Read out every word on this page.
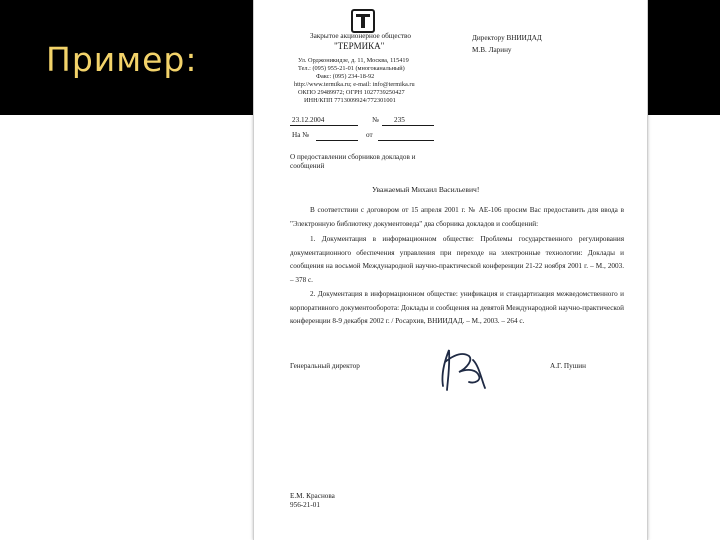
Пример:
Закрытое акционерное общество
"ТЕРМИКА"
Ул. Орджоникидзе, д. 11, Москва, 115419
Тел.: (095) 955-21-01 (многоканальный)
Факс: (095) 234-18-92
http://www.termika.ru; e-mail: info@termika.ru
ОКПО 29489972; ОГРН 1027739250427
ИНН/КПП 7713009924/772301001
Директору ВНИИДАД
М.В. Ларину
23.12.2004	№ 235
На №	от
О предоставлении сборников докладов и
сообщений
Уважаемый Михаил Васильевич!
В соответствии с договором от 15 апреля 2001 г. № АЕ-106 просим Вас предоставить для ввода в "Электронную библиотеку документоведа" два сборника докладов и сообщений:
1. Документация в информационном обществе: Проблемы государственного регулирования документационного обеспечения управления при переходе на электронные технологии: Доклады и сообщения на восьмой Международной научно-практической конференции 21-22 ноября 2001 г. – М., 2003. – 378 с.
2. Документация в информационном обществе: унификация и стандартизация межведомственного и корпоративного документооборота: Доклады и сообщения на девятой Международной научно-практической конференции 8-9 декабря 2002 г. / Росархив, ВНИИДАД. – М., 2003. – 264 с.
Генеральный директор	А.Г. Пушин
Е.М. Краснова
956-21-01
